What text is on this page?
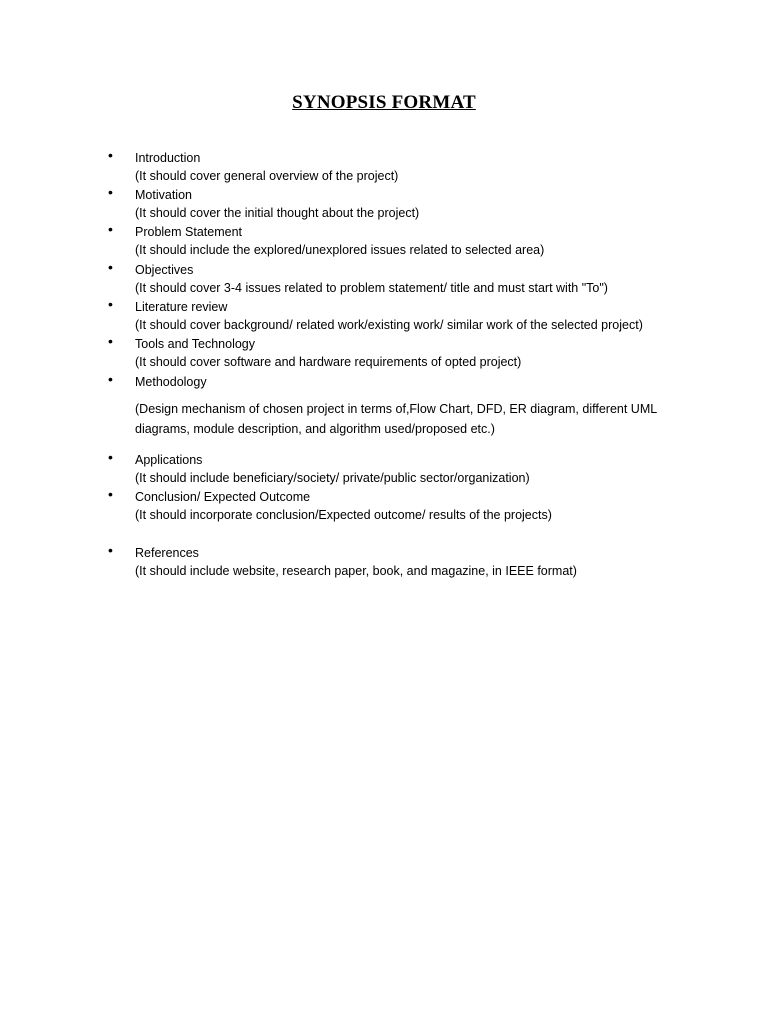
SYNOPSIS FORMAT
• Introduction
(It should cover general overview of the project)
• Motivation
(It should cover the initial thought about the project)
• Problem Statement
(It should include the explored/unexplored issues related to selected area)
• Objectives
(It should cover 3-4 issues related to problem statement/ title and must start with "To")
• Literature review
(It should cover background/ related work/existing work/ similar work of the selected project)
• Tools and Technology
(It should cover software and hardware requirements of opted project)
• Methodology
(Design mechanism of chosen project in terms of,Flow Chart, DFD, ER diagram, different UML diagrams, module description, and algorithm used/proposed etc.)
• Applications
(It should include beneficiary/society/ private/public sector/organization)
• Conclusion/ Expected Outcome
(It should incorporate conclusion/Expected outcome/ results of the projects)
• References
(It should include website, research paper, book, and magazine, in IEEE format)
